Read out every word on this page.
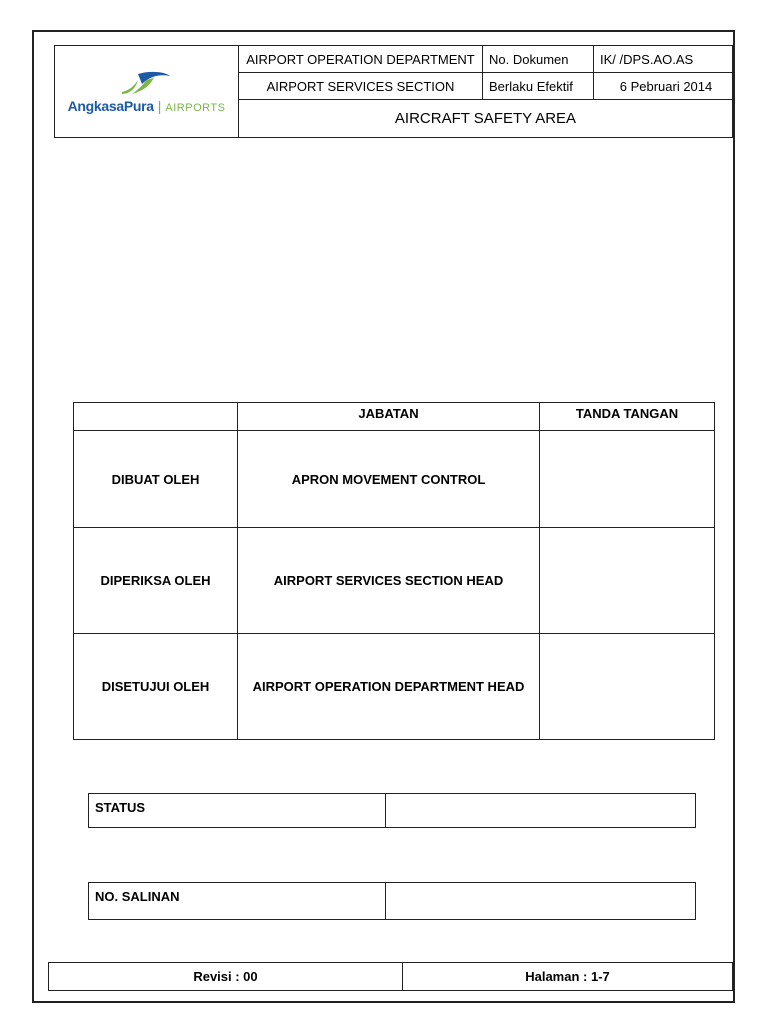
AngkasaPura | AIRPORTS	AIRPORT OPERATION DEPARTMENT	No. Dokumen	IK/ /DPS.AO.AS
	AIRPORT SERVICES SECTION	Berlaku Efektif	6 Pebruari 2014
	AIRCRAFT SAFETY AREA		
	JABATAN	TANDA TANGAN
DIBUAT OLEH	APRON MOVEMENT CONTROL	
DIPERIKSA OLEH	AIRPORT SERVICES SECTION HEAD	
DISETUJUI OLEH	AIRPORT OPERATION DEPARTMENT HEAD	
STATUS	
NO. SALINAN	
Revisi : 00	Halaman : 1-7
